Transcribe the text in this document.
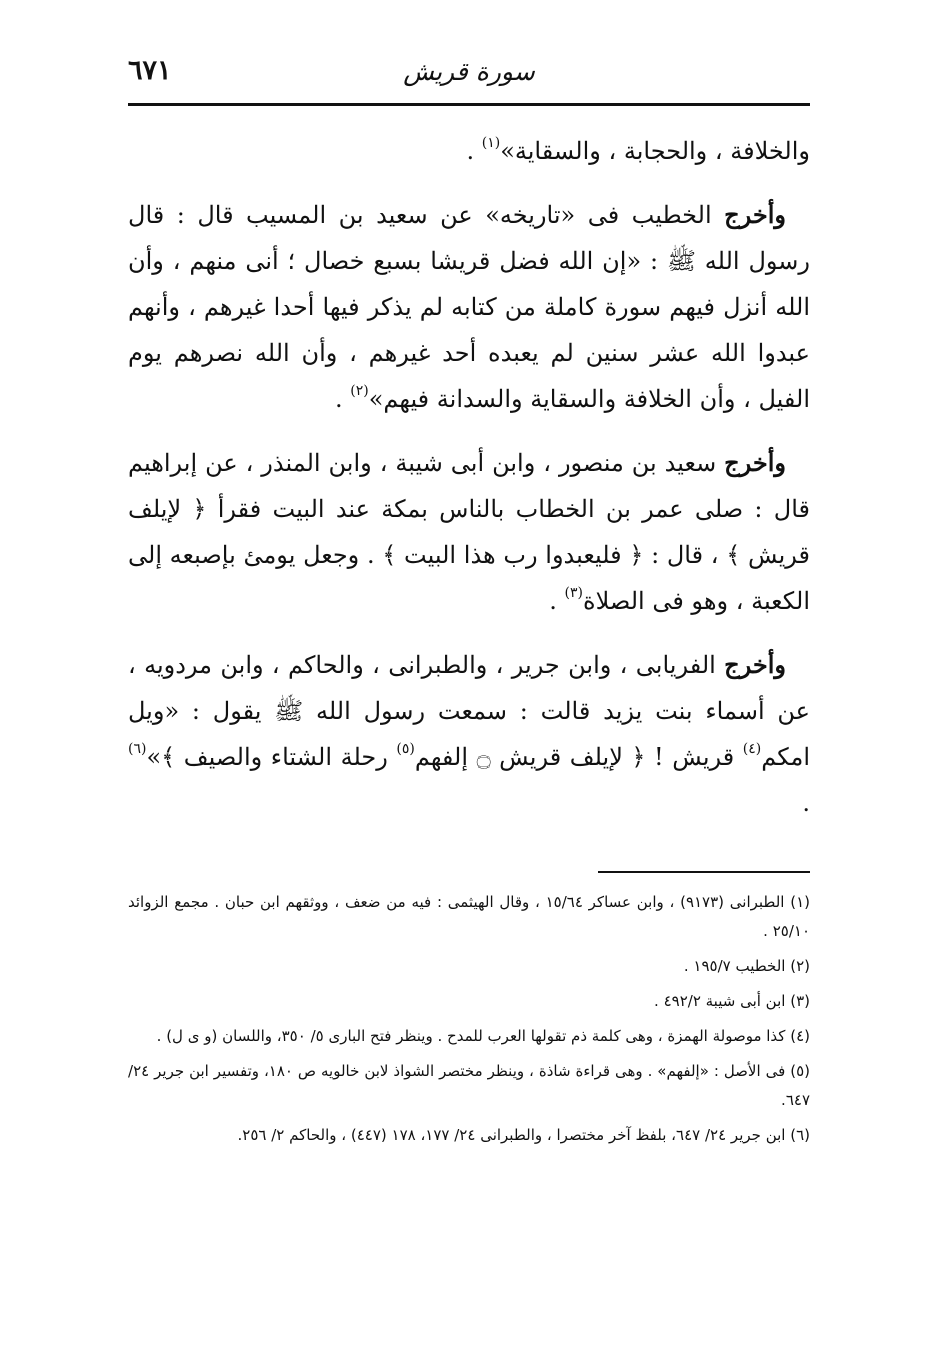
٦٧١	سورة قريش

والخلافة ، والحجابة ، والسقاية»$^{(١)}$ .

وأخرج الخطيب فى «تاريخه» عن سعيد بن المسيب قال : قال رسول الله ﷺ : «إن الله فضل قريشا بسبع خصال ؛ أنى منهم ، وأن الله أنزل فيهم سورة كاملة من كتابه لم يذكر فيها أحدا غيرهم ، وأنهم عبدوا الله عشر سنين لم يعبده أحد غيرهم ، وأن الله نصرهم يوم الفيل ، وأن الخلافة والسقاية والسدانة فيهم»$^{(٢)}$ .

وأخرج سعيد بن منصور ، وابن أبى شيبة ، وابن المنذر ، عن إبراهيم قال : صلى عمر بن الخطاب بالناس بمكة عند البيت فقرأ ﴿ لإيلف قريش ﴾ ، قال : ﴿ فليعبدوا رب هذا البيت ﴾ . وجعل يومئ بإصبعه إلى الكعبة ، وهو فى الصلاة$^{(٣)}$ .

وأخرج الفريابى ، وابن جرير ، والطبرانى ، والحاكم ، وابن مردويه ، عن أسماء بنت يزيد قالت : سمعت رسول الله ﷺ يقول : «ويل امكم$^{(٤)}$ قريش ! ﴿ لإيلف قريش ۝ إلفهم$^{(٥)}$ رحلة الشتاء والصيف ﴾»$^{(٦)}$ .

(١) الطبرانى (٩١٧٣) ، وابن عساكر ١٥/٦٤ ، وقال الهيثمى : فيه من ضعف ، ووثقهم ابن حبان . مجمع الزوائد ٢٥/١٠ .

(٢) الخطيب ١٩٥/٧ .

(٣) ابن أبى شيبة ٤٩٢/٢ .

(٤) كذا موصولة الهمزة ، وهى كلمة ذم تقولها العرب للمدح . وينظر فتح البارى ٥/ ٣٥٠، واللسان (و ى ل) .

(٥) فى الأصل : «إلفهم» . وهى قراءة شاذة ، وينظر مختصر الشواذ لابن خالويه ص ١٨٠، وتفسير ابن جرير ٢٤/ ٦٤٧.

(٦) ابن جرير ٢٤/ ٦٤٧، بلفظ آخر مختصرا ، والطبرانى ٢٤/ ١٧٧، ١٧٨ (٤٤٧) ، والحاكم ٢/ ٢٥٦.
